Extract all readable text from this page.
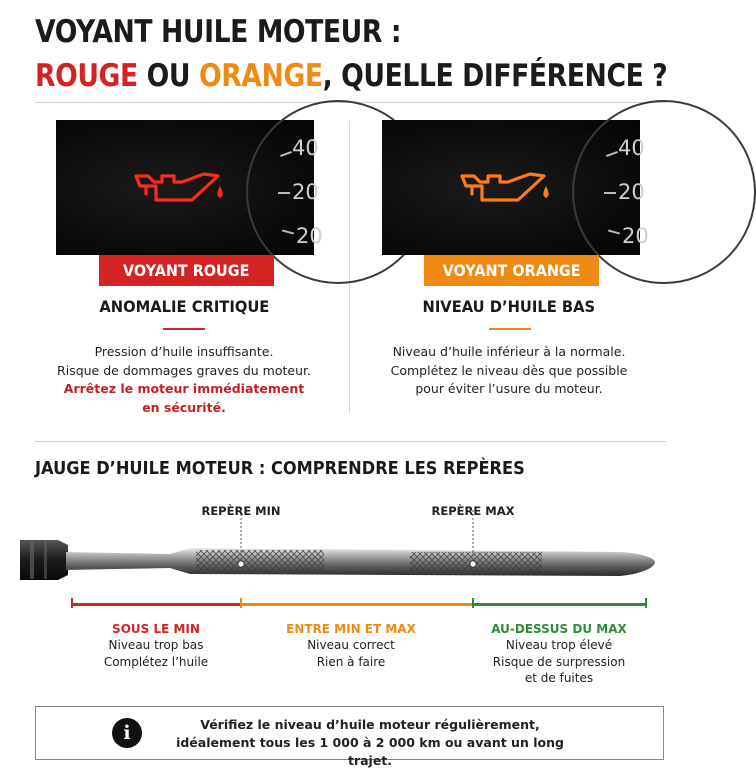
VOYANT HUILE MOTEUR :
ROUGE OU ORANGE, QUELLE DIFFÉRENCE ?
40
20
20
VOYANT ROUGE
ANOMALIE CRITIQUE
Pression d’huile insuffisante.
Risque de dommages graves du moteur.
Arrêtez le moteur immédiatement
en sécurité.
40
20
20
VOYANT ORANGE
NIVEAU D’HUILE BAS
Niveau d’huile inférieur à la normale.
Complétez le niveau dès que possible
pour éviter l’usure du moteur.
JAUGE D’HUILE MOTEUR : COMPRENDRE LES REPÈRES
REPÈRE MIN	REPÈRE MAX
SOUS LE MIN
Niveau trop bas
Complétez l’huile
ENTRE MIN ET MAX
Niveau correct
Rien à faire
AU-DESSUS DU MAX
Niveau trop élevé
Risque de surpression
et de fuites
i	Vérifiez le niveau d’huile moteur régulièrement,
idéalement tous les 1 000 à 2 000 km ou avant un long trajet.
